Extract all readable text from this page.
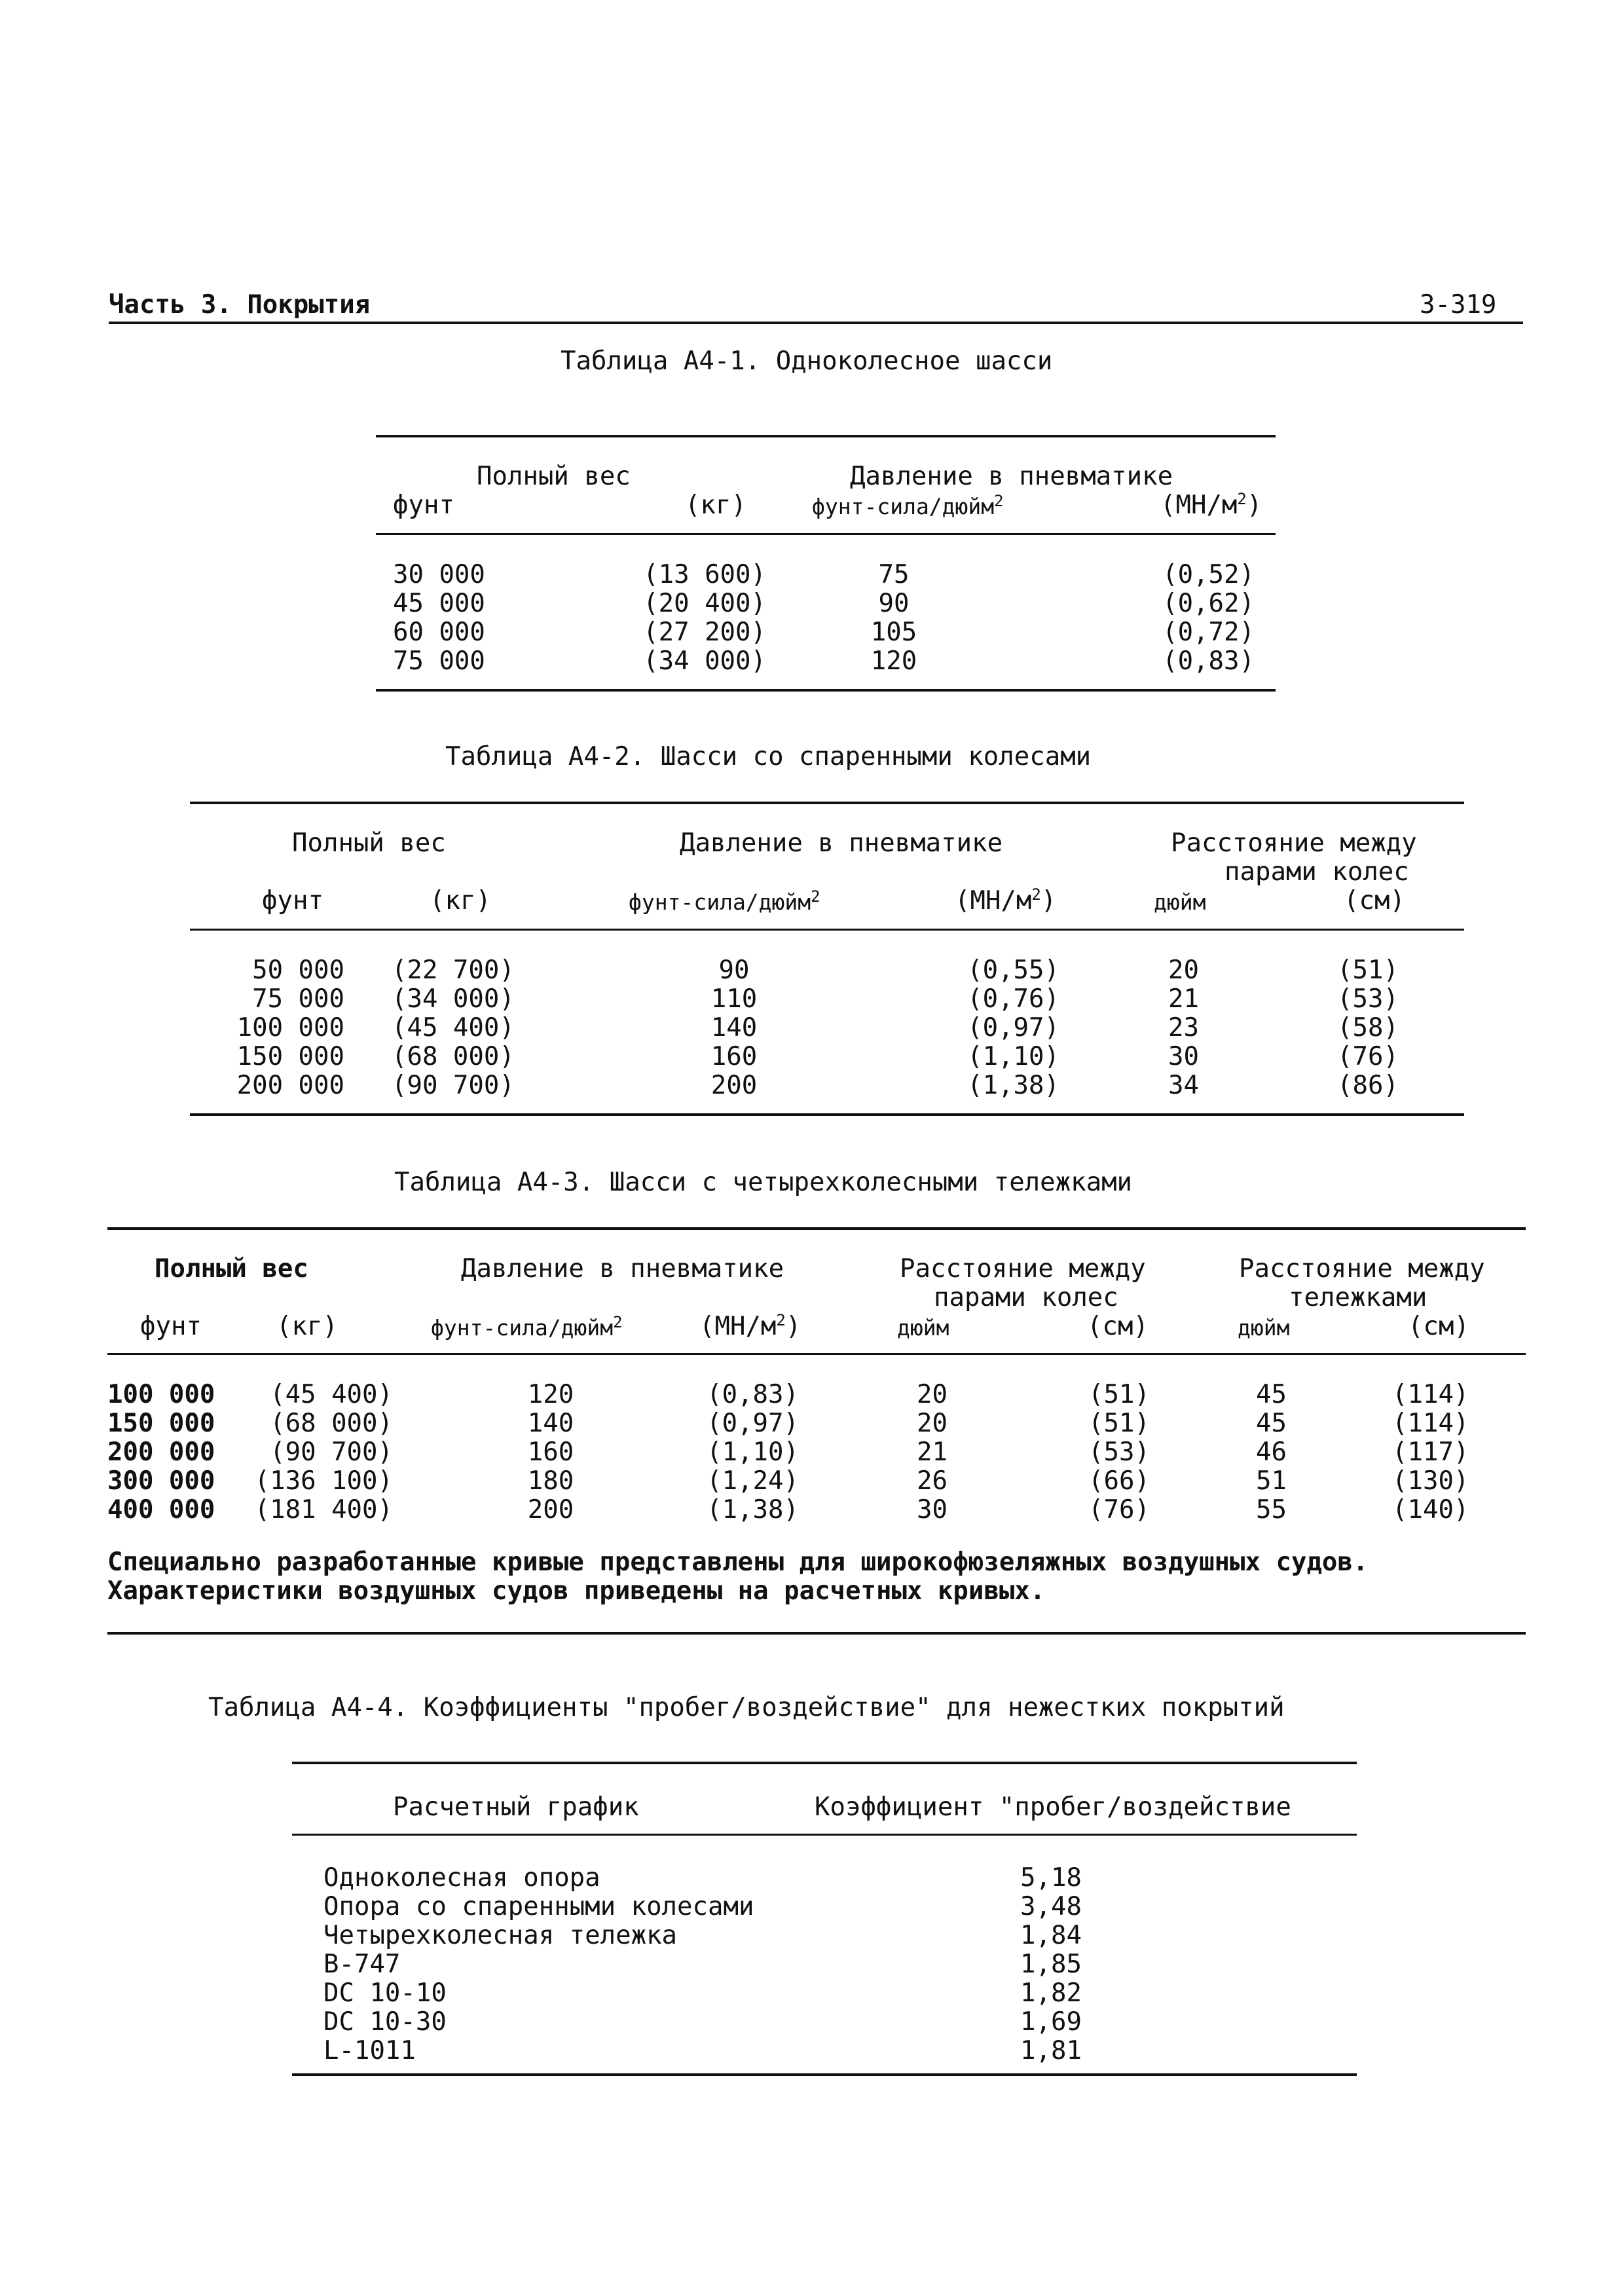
Часть 3. Покрытия	3-319
Таблица А4-1. Одноколесное шасси
Полный вес	Давление в пневматике
фунт	(кг)	фунт-сила/дюйм$^2$	$(МН/м^2)$
30 000	(13 600)	75	(0,52)
45 000	(20 400)	90	(0,62)
60 000	(27 200)	105	(0,72)
75 000	(34 000)	120	(0,83)
Таблица А4-2. Шасси со спаренными колесами
Полный вес	Давление в пневматике	Расстояние между
парами колес
фунт	(кг)	фунт-сила/дюйм$^2$	$(МН/м^2)$	дюйм	(см)
50 000 (22 700)	90	(0,55)	20	(51)
75 000 (34 000)	110	(0,76)	21	(53)
100 000 (45 400)	140	(0,97)	23	(58)
150 000 (68 000)	160	(1,10)	30	(76)
200 000 (90 700)	200	(1,38)	34	(86)
Таблица А4-3. Шасси с четырехколесными тележками
Полный вес	Давление в пневматике	Расстояние между
парами колес
Расстояние между
тележками
фунт	(кг)	фунт-сила/дюйм$^2$	$(МН/м^2)$	дюйм	(см)	дюйм	(см)
100 000	(45 400)	120	(0,83)	20	(51)	45	(114)
150 000	(68 000)	140	(0,97)	20	(51)	45	(114)
200 000	(90 700)	160	(1,10)	21	(53)	46	(117)
300 000	(136 100)	180	(1,24)	26	(66)	51	(130)
400 000	(181 400)	200	(1,38)	30	(76)	55	(140)
Специально разработанные кривые представлены для широкофюзеляжных воздушных судов.
Характеристики воздушных судов приведены на расчетных кривых.
Таблица А4-4. Коэффициенты "пробег/воздействие" для нежестких покрытий
Расчетный график	Коэффициент "пробег/воздействие
Одноколесная опора	5,18
Опора со спаренными колесами	3,48
Четырехколесная тележка	1,84
B-747	1,85
DC 10-10	1,82
DC 10-30	1,69
L-1011	1,81
